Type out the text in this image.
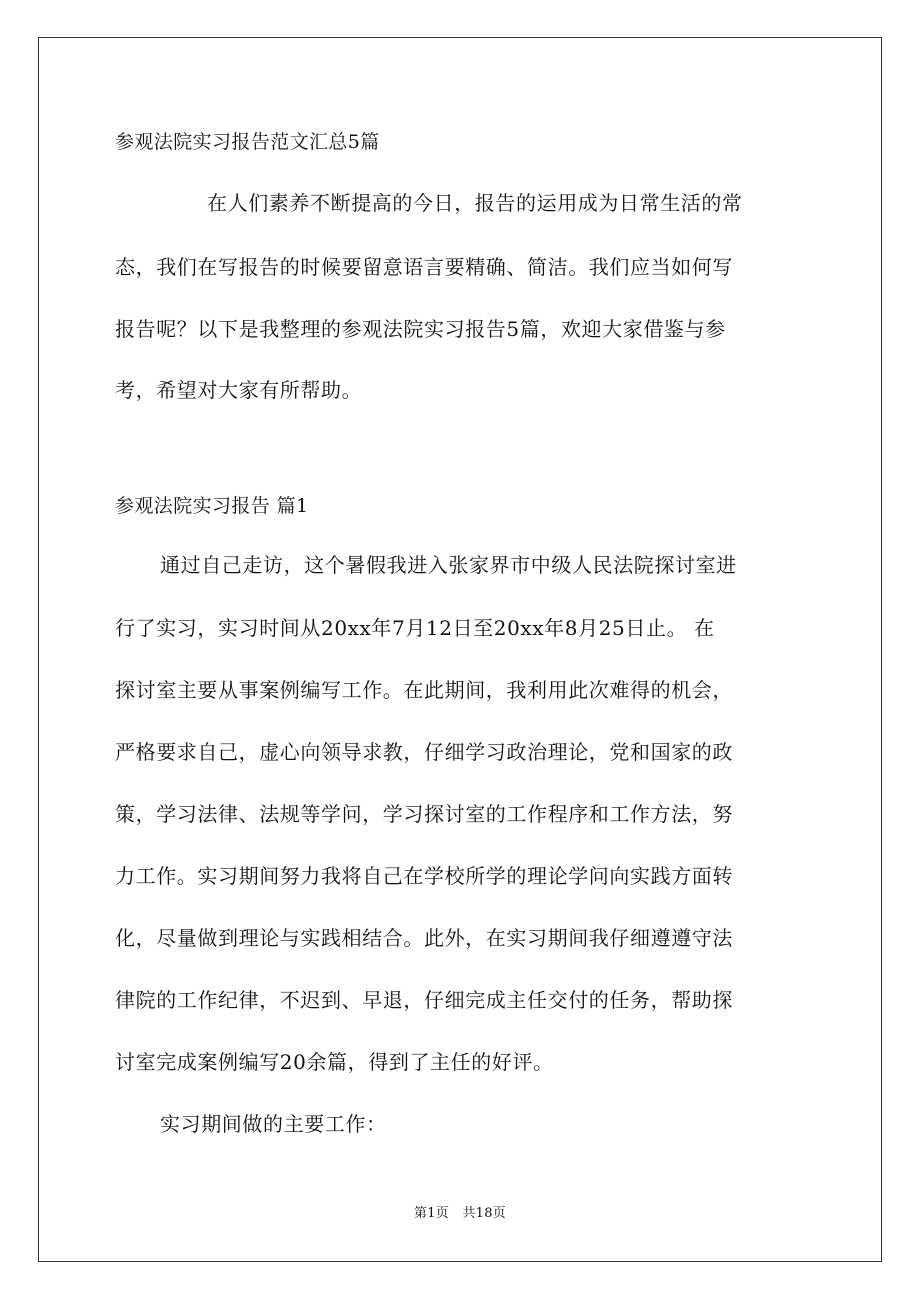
参观法院实习报告范文汇总5篇
在人们素养不断提高的今日，报告的运用成为日常生活的常
态，我们在写报告的时候要留意语言要精确、简洁。我们应当如何写
报告呢？以下是我整理的参观法院实习报告5篇，欢迎大家借鉴与参
考，希望对大家有所帮助。
参观法院实习报告 篇1
通过自己走访，这个暑假我进入张家界市中级人民法院探讨室进
行了实习，实习时间从20xx年7月12日至20xx年8月25日止。 在
探讨室主要从事案例编写工作。在此期间，我利用此次难得的机会，
严格要求自己，虚心向领导求教，仔细学习政治理论，党和国家的政
策，学习法律、法规等学问，学习探讨室的工作程序和工作方法，努
力工作。实习期间努力我将自己在学校所学的理论学问向实践方面转
化，尽量做到理论与实践相结合。此外，在实习期间我仔细遵遵守法
律院的工作纪律，不迟到、早退，仔细完成主任交付的任务，帮助探
讨室完成案例编写20余篇，得到了主任的好评。
实习期间做的主要工作：
第1页　共18页
